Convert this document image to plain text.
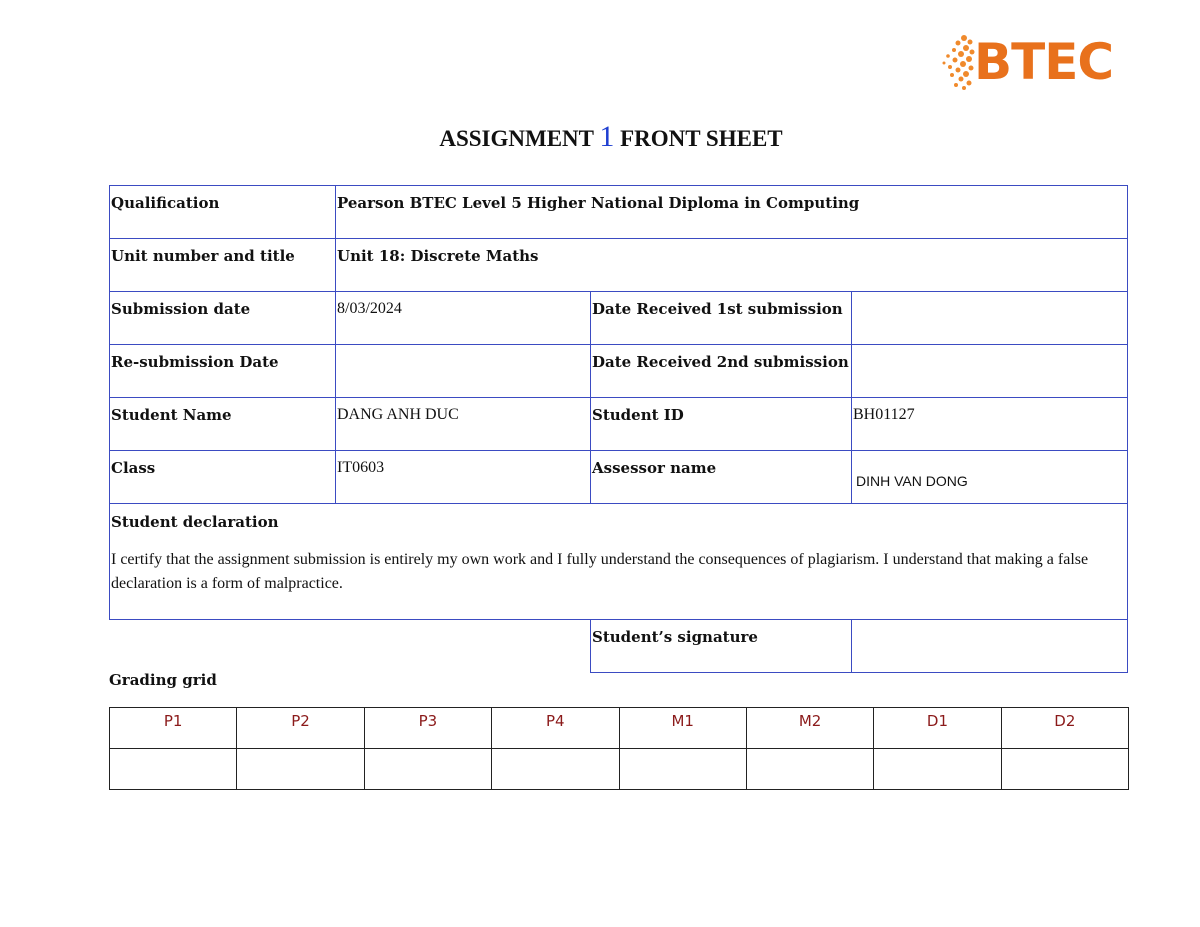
BTEC
ASSIGNMENT 1 FRONT SHEET
Qualification	Pearson BTEC Level 5 Higher National Diploma in Computing		
Unit number and title	Unit 18: Discrete Maths		
Submission date	8/03/2024	Date Received 1st submission	
Re-submission Date		Date Received 2nd submission	
Student Name	DANG ANH DUC	Student ID	BH01127
Class	IT0603	Assessor name	DINH VAN DONG

Student declaration
I certify that the assignment submission is entirely my own work and I fully understand the consequences of plagiarism. I understand that making a false declaration is a form of malpractice.			

		Student’s signature	
Grading grid
P1	P2	P3	P4	M1	M2	D1	D2
